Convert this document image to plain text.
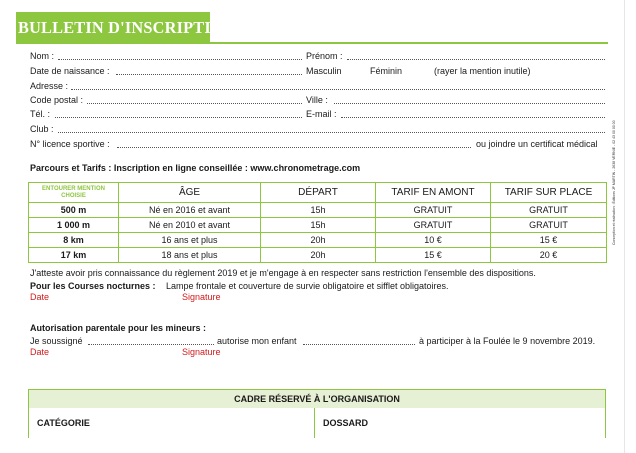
BULLETIN D'INSCRIPTION
Nom :	Prénom :
Date de naissance :	Masculin	Féminin	(rayer la mention inutile)
Adresse :
Code postal :	Ville :
Tél. :	E-mail :
Club :
N° licence sportive :	ou joindre un certificat médical
Parcours et Tarifs : Inscription en ligne conseillée : www.chronometrage.com
ENTOURER MENTION CHOISIE	ÂGE	DÉPART	TARIF EN AMONT	TARIF SUR PLACE
500 m	Né en 2016 et avant	15h	GRATUIT	GRATUIT
1 000 m	Né en 2010 et avant	15h	GRATUIT	GRATUIT
8 km	16 ans et plus	20h	10 €	15 €
17 km	18 ans et plus	20h	15 €	20 €
J'atteste avoir pris connaissance du règlement 2019 et je m'engage à en respecter sans restriction l'ensemble des dispositions.
Pour les Courses nocturnes : Lampe frontale et couverture de survie obligatoire et sifflet obligatoires.
Date	Signature
Autorisation parentale pour les mineurs :
Je soussigné	autorise mon enfant	à participer à la Foulée le 9 novembre 2019.
Date	Signature
CADRE RÉSERVÉ À L'ORGANISATION
CATÉGORIE	DOSSARD
Conception et réalisation : Éditions JP MARTIN - 2638 VERNIE - 02 43 00 00 00
